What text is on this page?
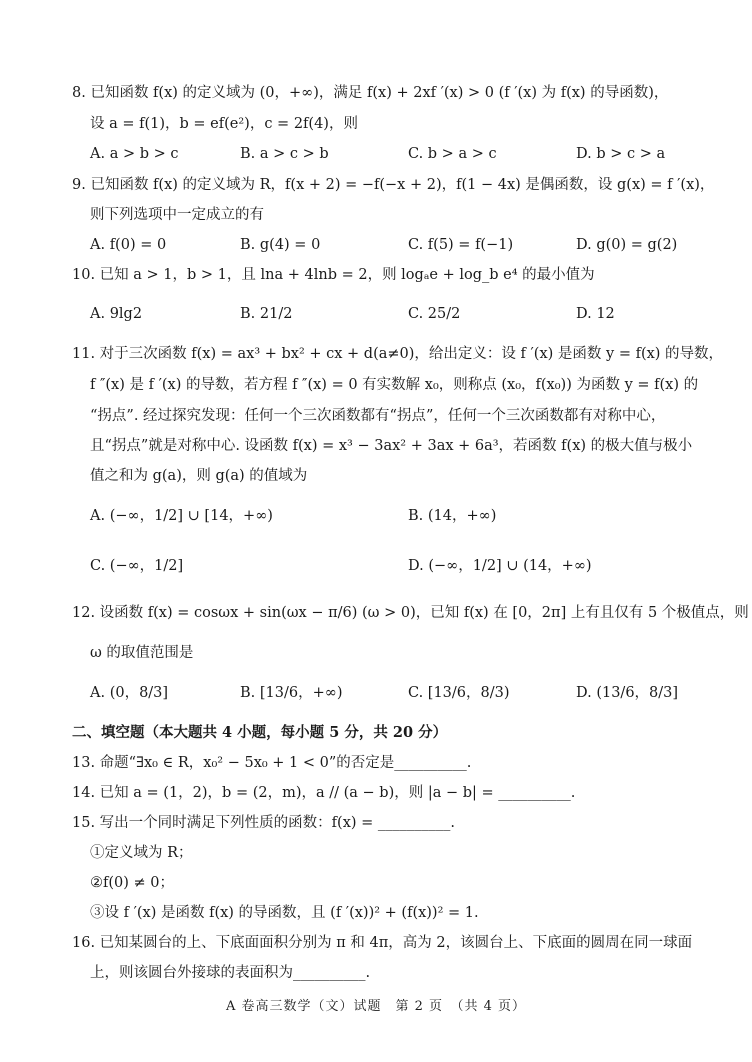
8. 已知函数 f(x) 的定义域为 (0，+∞)，满足 f(x) + 2xf ′(x) > 0 (f ′(x) 为 f(x) 的导函数)，
设 a = f(1)，b = ef(e²)，c = 2f(4)，则
A. a > b > c	B. a > c > b	C. b > a > c	D. b > c > a
9. 已知函数 f(x) 的定义域为 R，f(x + 2) = −f(−x + 2)，f(1 − 4x) 是偶函数，设 g(x) = f ′(x)，
则下列选项中一定成立的有
A. f(0) = 0	B. g(4) = 0	C. f(5) = f(−1)	D. g(0) = g(2)
10. 已知 a > 1，b > 1，且 lna + 4lnb = 2，则 logₐe + log_b e⁴ 的最小值为
A. 9lg2	B. 21/2	C. 25/2	D. 12
11. 对于三次函数 f(x) = ax³ + bx² + cx + d(a≠0)，给出定义：设 f ′(x) 是函数 y = f(x) 的导数，
f ″(x) 是 f ′(x) 的导数，若方程 f ″(x) = 0 有实数解 x₀，则称点 (x₀，f(x₀)) 为函数 y = f(x) 的
“拐点”. 经过探究发现：任何一个三次函数都有“拐点”，任何一个三次函数都有对称中心，
且“拐点”就是对称中心. 设函数 f(x) = x³ − 3ax² + 3ax + 6a³，若函数 f(x) 的极大值与极小
值之和为 g(a)，则 g(a) 的值域为
A. (−∞，1/2] ∪ [14，+∞)	B. (14，+∞)
C. (−∞，1/2]	D. (−∞，1/2] ∪ (14，+∞)
12. 设函数 f(x) = cosωx + sin(ωx − π/6) (ω > 0)，已知 f(x) 在 [0，2π] 上有且仅有 5 个极值点，则
ω 的取值范围是
A. (0，8/3]	B. [13/6，+∞)	C. [13/6，8/3)	D. (13/6，8/3]
二、填空题（本大题共 4 小题，每小题 5 分，共 20 分）
13. 命题“∃x₀ ∈ R，x₀² − 5x₀ + 1 < 0”的否定是__________.
14. 已知 a = (1，2)，b = (2，m)，a // (a − b)，则 |a − b| = __________.
15. 写出一个同时满足下列性质的函数：f(x) = __________.
①定义域为 R；
②f(0) ≠ 0；
③设 f ′(x) 是函数 f(x) 的导函数，且 (f ′(x))² + (f(x))² = 1.
16. 已知某圆台的上、下底面面积分别为 π 和 4π，高为 2，该圆台上、下底面的圆周在同一球面
上，则该圆台外接球的表面积为__________.
A 卷高三数学（文）试题　第 2 页　（共 4 页）
